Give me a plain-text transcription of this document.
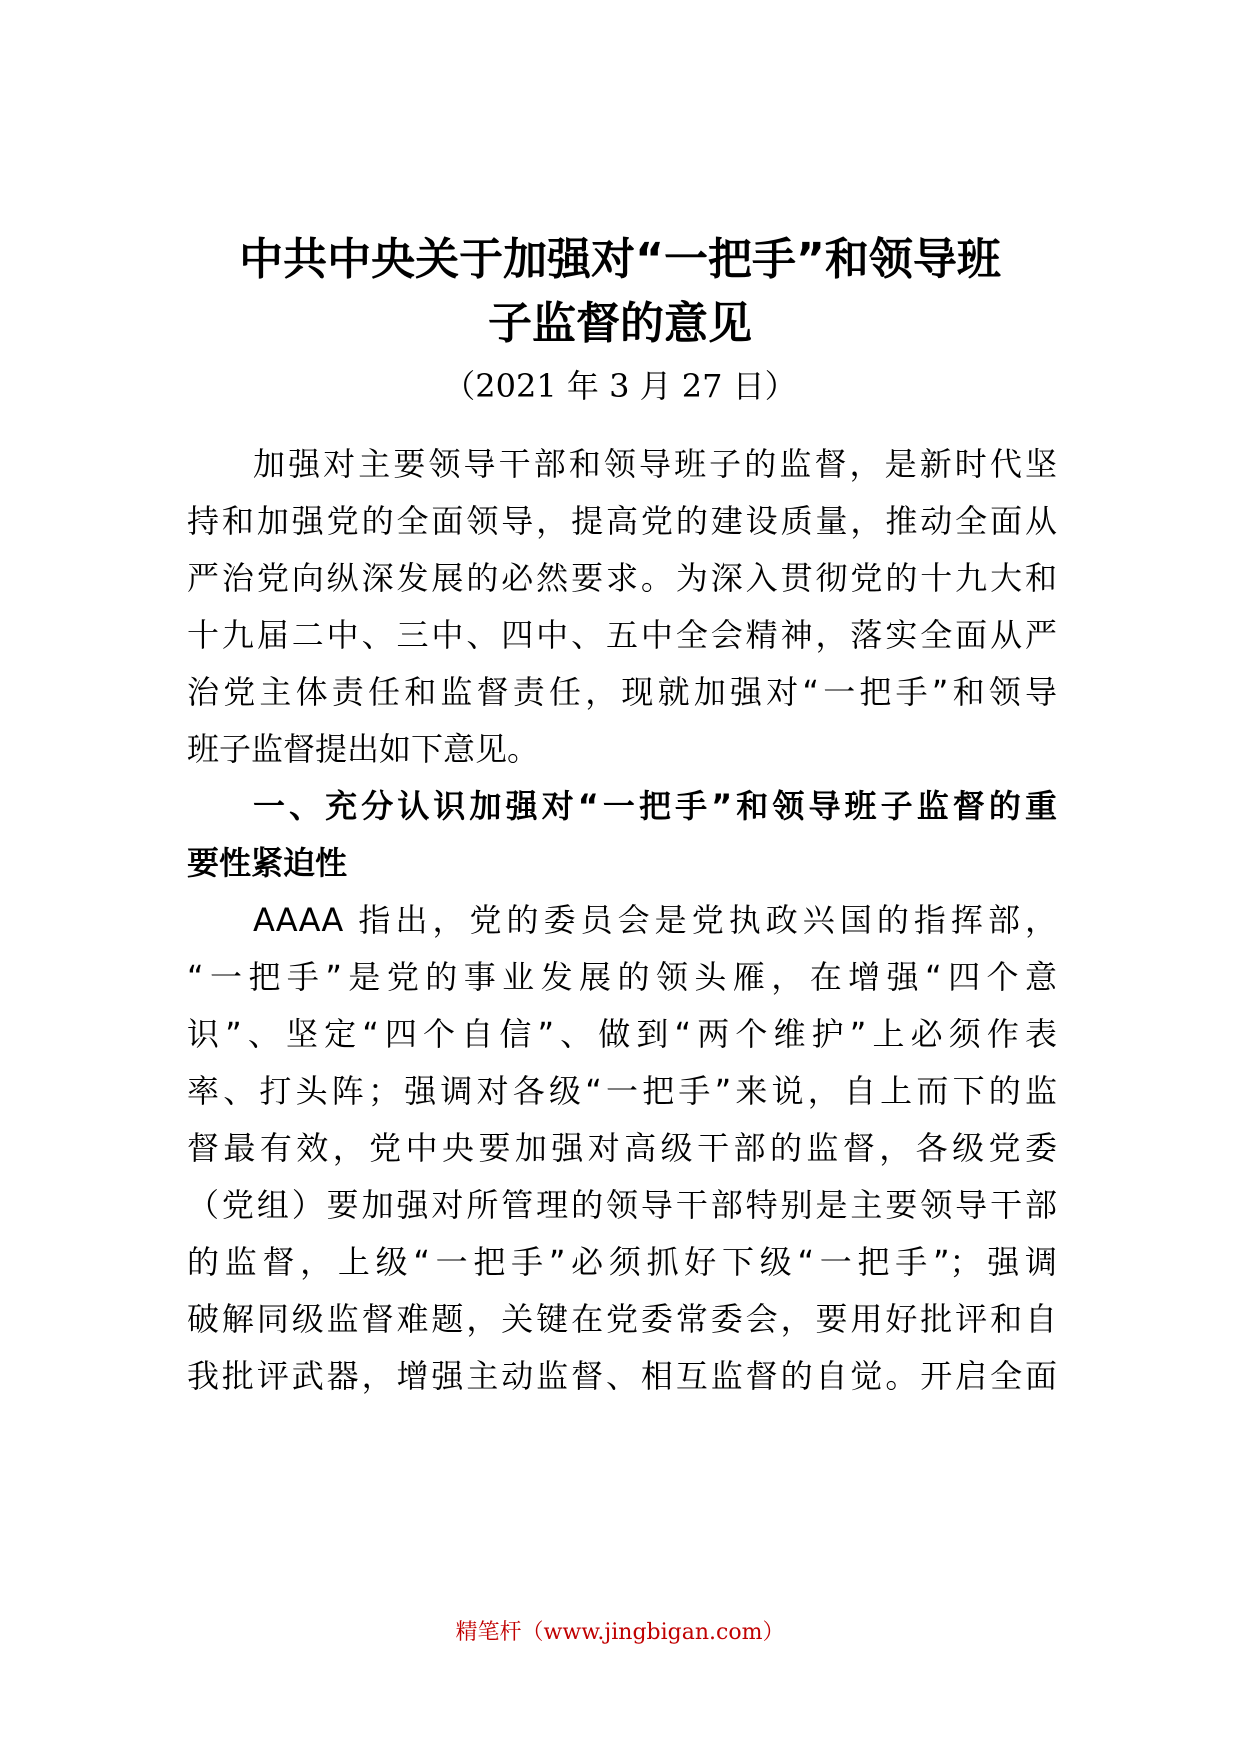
中共中央关于加强对“一把手”和领导班
子监督的意见

（2021 年 3 月 27 日）

加强对主要领导干部和领导班子的监督，是新时代坚

持和加强党的全面领导，提高党的建设质量，推动全面从

严治党向纵深发展的必然要求。为深入贯彻党的十九大和

十九届二中、三中、四中、五中全会精神，落实全面从严

治党主体责任和监督责任，现就加强对“一把手”和领导

班子监督提出如下意见。

一、充分认识加强对“一把手”和领导班子监督的重

要性紧迫性

AAAA 指出，党的委员会是党执政兴国的指挥部，

“一把手”是党的事业发展的领头雁，在增强“四个意

识”、坚定“四个自信”、做到“两个维护”上必须作表

率、打头阵；强调对各级“一把手”来说，自上而下的监

督最有效，党中央要加强对高级干部的监督，各级党委

（党组）要加强对所管理的领导干部特别是主要领导干部

的监督，上级“一把手”必须抓好下级“一把手”；强调

破解同级监督难题，关键在党委常委会，要用好批评和自

我批评武器，增强主动监督、相互监督的自觉。开启全面

精笔杆（www.jingbigan.com）
